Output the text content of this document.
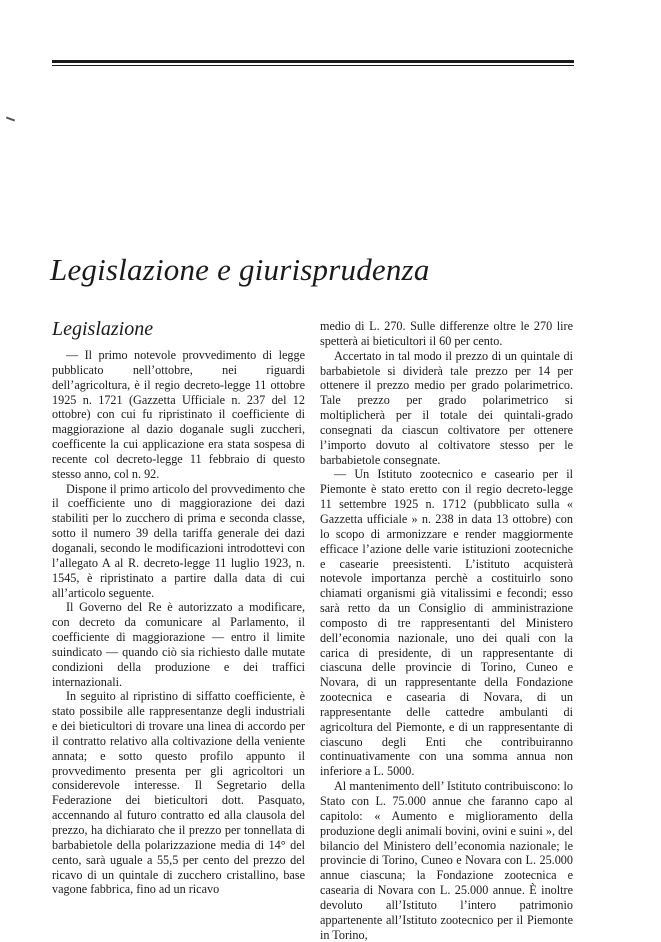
Legislazione e giurisprudenza
Legislazione

— Il primo notevole provvedimento di legge pubblicato nell’ottobre, nei riguardi dell’agricoltura, è il regio decreto-legge 11 ottobre 1925 n. 1721 (Gazzetta Ufficiale n. 237 del 12 ottobre) con cui fu ripristinato il coefficiente di maggiorazione al dazio doganale sugli zuccheri, coefficente la cui applicazione era stata sospesa di recente col decreto-legge 11 febbraio di questo stesso anno, col n. 92.

Dispone il primo articolo del provvedimento che il coefficiente uno di maggiorazione dei dazi stabiliti per lo zucchero di prima e seconda classe, sotto il numero 39 della tariffa generale dei dazi doganali, secondo le modificazioni introdottevi con l’allegato A al R. decreto-legge 11 luglio 1923, n. 1545, è ripristinato a partire dalla data di cui all’articolo seguente.

Il Governo del Re è autorizzato a modificare, con decreto da comunicare al Parlamento, il coefficiente di maggiorazione — entro il limite suindicato — quando ciò sia richiesto dalle mutate condizioni della produzione e dei traffici internazionali.

In seguito al ripristino di siffatto coefficiente, è stato possibile alle rappresentanze degli industriali e dei bieticultori di trovare una linea di accordo per il contratto relativo alla coltivazione della veniente annata; e sotto questo profilo appunto il provvedimento presenta per gli agricoltori un considerevole interesse. Il Segretario della Federazione dei bieticultori dott. Pasquato, accennando al futuro contratto ed alla clausola del prezzo, ha dichiarato che il prezzo per tonnellata di barbabietole della polarizzazione media di 14° del cento, sarà uguale a 55,5 per cento del prezzo del ricavo di un quintale di zucchero cristallino, base vagone fabbrica, fino ad un ricavo

medio di L. 270. Sulle differenze oltre le 270 lire spetterà ai bieticultori il 60 per cento.

Accertato in tal modo il prezzo di un quintale di barbabietole si dividerà tale prezzo per 14 per ottenere il prezzo medio per grado polarimetrico. Tale prezzo per grado polarimetrico si moltiplicherà per il totale dei quintali-grado consegnati da ciascun coltivatore per ottenere l’importo dovuto al coltivatore stesso per le barbabietole consegnate.

— Un Istituto zootecnico e caseario per il Piemonte è stato eretto con il regio decreto-legge 11 settembre 1925 n. 1712 (pubblicato sulla « Gazzetta ufficiale » n. 238 in data 13 ottobre) con lo scopo di armonizzare e render maggiormente efficace l’azione delle varie istituzioni zootecniche e casearie preesistenti. L’istituto acquisterà notevole importanza perchè a costituirlo sono chiamati organismi già vitalissimi e fecondi; esso sarà retto da un Consiglio di amministrazione composto di tre rappresentanti del Ministero dell’economia nazionale, uno dei quali con la carica di presidente, di un rappresentante di ciascuna delle provincie di Torino, Cuneo e Novara, di un rappresentante della Fondazione zootecnica e casearia di Novara, di un rappresentante delle cattedre ambulanti di agricoltura del Piemonte, e di un rappresentante di ciascuno degli Enti che contribuiranno continuativamente con una somma annua non inferiore a L. 5000.

Al mantenimento dell’ Istituto contribuiscono: lo Stato con L. 75.000 annue che faranno capo al capitolo: « Aumento e miglioramento della produzione degli animali bovini, ovini e suini », del bilancio del Ministero dell’economia nazionale; le provincie di Torino, Cuneo e Novara con L. 25.000 annue ciascuna; la Fondazione zootecnica e casearia di Novara con L. 25.000 annue. È inoltre devoluto all’Istituto l’intero patrimonio appartenente all’Istituto zootecnico per il Piemonte in Torino,
